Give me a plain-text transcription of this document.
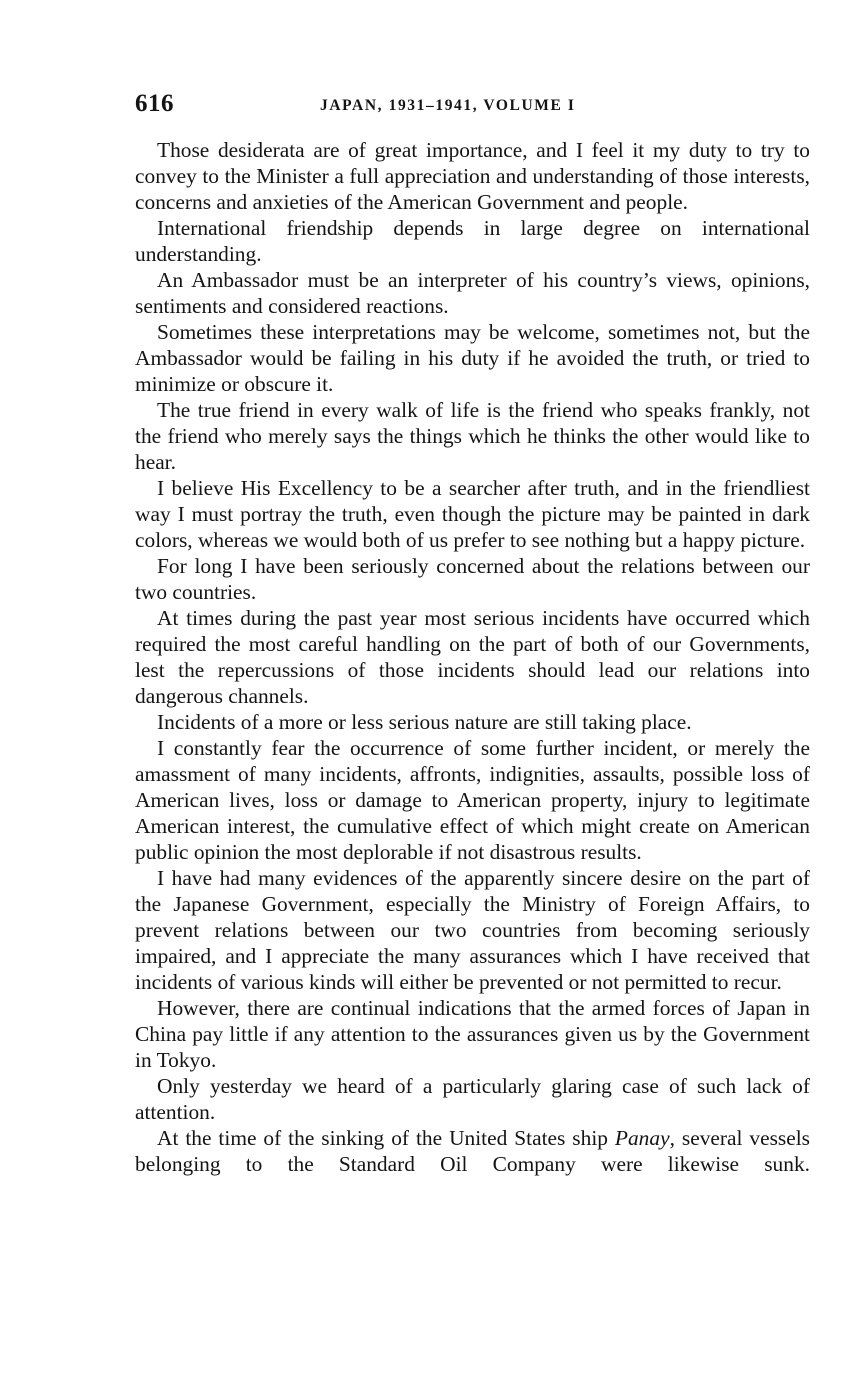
616	JAPAN, 1931–1941, VOLUME I

Those desiderata are of great importance, and I feel it my duty to try to convey to the Minister a full appreciation and understanding of those interests, concerns and anxieties of the American Government and people.

International friendship depends in large degree on international understanding.

An Ambassador must be an interpreter of his country’s views, opinions, sentiments and considered reactions.

Sometimes these interpretations may be welcome, sometimes not, but the Ambassador would be failing in his duty if he avoided the truth, or tried to minimize or obscure it.

The true friend in every walk of life is the friend who speaks frankly, not the friend who merely says the things which he thinks the other would like to hear.

I believe His Excellency to be a searcher after truth, and in the friendliest way I must portray the truth, even though the picture may be painted in dark colors, whereas we would both of us prefer to see nothing but a happy picture.

For long I have been seriously concerned about the relations between our two countries.

At times during the past year most serious incidents have occurred which required the most careful handling on the part of both of our Governments, lest the repercussions of those incidents should lead our relations into dangerous channels.

Incidents of a more or less serious nature are still taking place.

I constantly fear the occurrence of some further incident, or merely the amassment of many incidents, affronts, indignities, assaults, possible loss of American lives, loss or damage to American property, injury to legitimate American interest, the cumulative effect of which might create on American public opinion the most deplorable if not disastrous results.

I have had many evidences of the apparently sincere desire on the part of the Japanese Government, especially the Ministry of Foreign Affairs, to prevent relations between our two countries from becoming seriously impaired, and I appreciate the many assurances which I have received that incidents of various kinds will either be prevented or not permitted to recur.

However, there are continual indications that the armed forces of Japan in China pay little if any attention to the assurances given us by the Government in Tokyo.

Only yesterday we heard of a particularly glaring case of such lack of attention.

At the time of the sinking of the United States ship Panay, several vessels belonging to the Standard Oil Company were likewise sunk.
